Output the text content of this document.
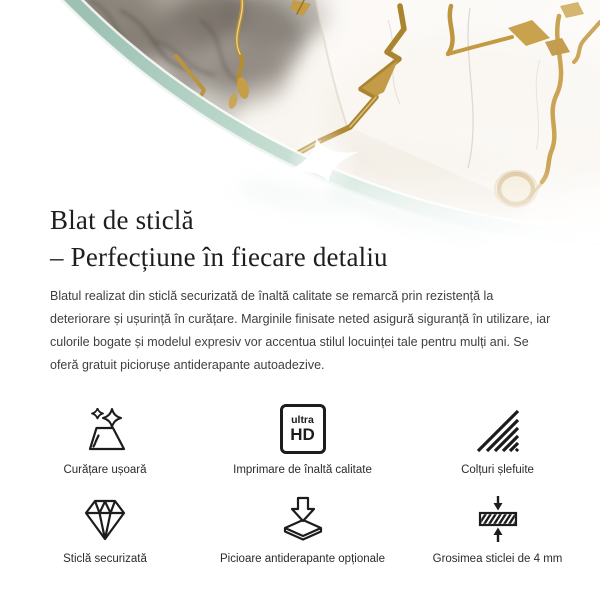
Blat de sticlă
– Perfecțiune în fiecare detaliu

Blatul realizat din sticlă securizată de înaltă calitate se remarcă prin rezistență la deteriorare și ușurință în curățare. Marginile finisate neted asigură siguranță în utilizare, iar culorile bogate și modelul expresiv vor accentua stilul locuinței tale pentru mulți ani. Se oferă gratuit piciorușe antiderapante autoadezive.

Curățare ușoară
ultra
HD
Imprimare de înaltă calitate	Colțuri șlefuite
Sticlă securizată	Picioare antiderapante opționale	Grosimea sticlei de 4 mm
